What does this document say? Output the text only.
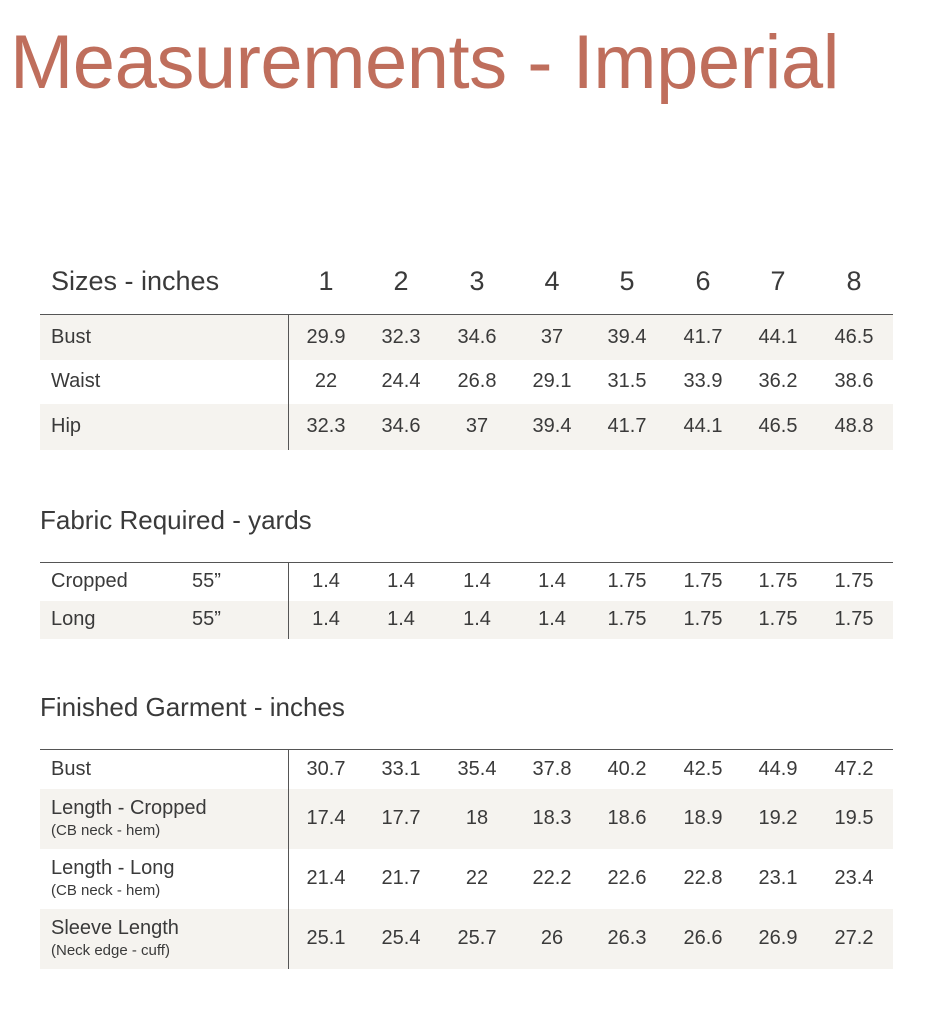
Measurements - Imperial
Sizes - inches	1	2	3	4	5	6	7	8
Bust	29.9	32.3	34.6	37	39.4	41.7	44.1	46.5
Waist	22	24.4	26.8	29.1	31.5	33.9	36.2	38.6
Hip	32.3	34.6	37	39.4	41.7	44.1	46.5	48.8
Fabric Required - yards
Cropped	55”	1.4	1.4	1.4	1.4	1.75	1.75	1.75	1.75
Long	55”	1.4	1.4	1.4	1.4	1.75	1.75	1.75	1.75
Finished Garment - inches
Bust	30.7	33.1	35.4	37.8	40.2	42.5	44.9	47.2
Length - Cropped
(CB neck - hem)
17.4	17.7	18	18.3	18.6	18.9	19.2	19.5
Length - Long
(CB neck - hem)
21.4	21.7	22	22.2	22.6	22.8	23.1	23.4
Sleeve Length
(Neck edge - cuff)
25.1	25.4	25.7	26	26.3	26.6	26.9	27.2
